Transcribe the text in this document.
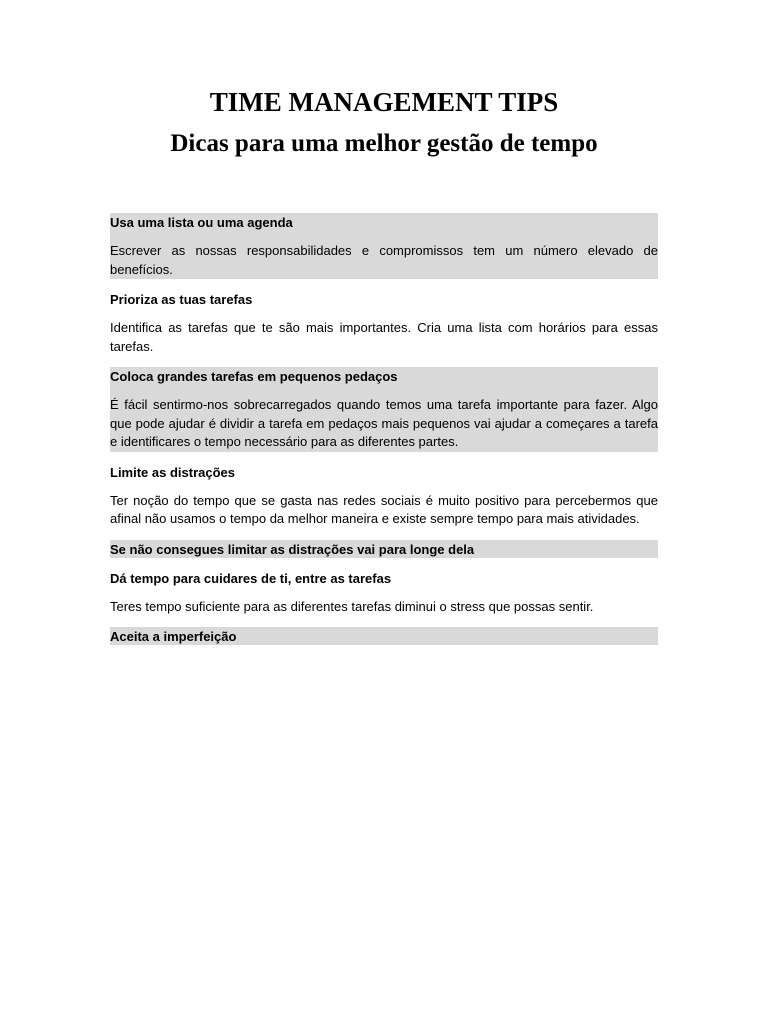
TIME MANAGEMENT TIPS
Dicas para uma melhor gestão de tempo

Usa uma lista ou uma agenda

Escrever as nossas responsabilidades e compromissos tem um número elevado de benefícios.

Prioriza as tuas tarefas

Identifica as tarefas que te são mais importantes. Cria uma lista com horários para essas tarefas.

Coloca grandes tarefas em pequenos pedaços

É fácil sentirmo-nos sobrecarregados quando temos uma tarefa importante para fazer. Algo que pode ajudar é dividir a tarefa em pedaços mais pequenos vai ajudar a começares a tarefa e identificares o tempo necessário para as diferentes partes.

Limite as distrações

Ter noção do tempo que se gasta nas redes sociais é muito positivo para percebermos que afinal não usamos o tempo da melhor maneira e existe sempre tempo para mais atividades.

Se não consegues limitar as distrações vai para longe dela

Dá tempo para cuidares de ti, entre as tarefas

Teres tempo suficiente para as diferentes tarefas diminui o stress que possas sentir.

Aceita a imperfeição
